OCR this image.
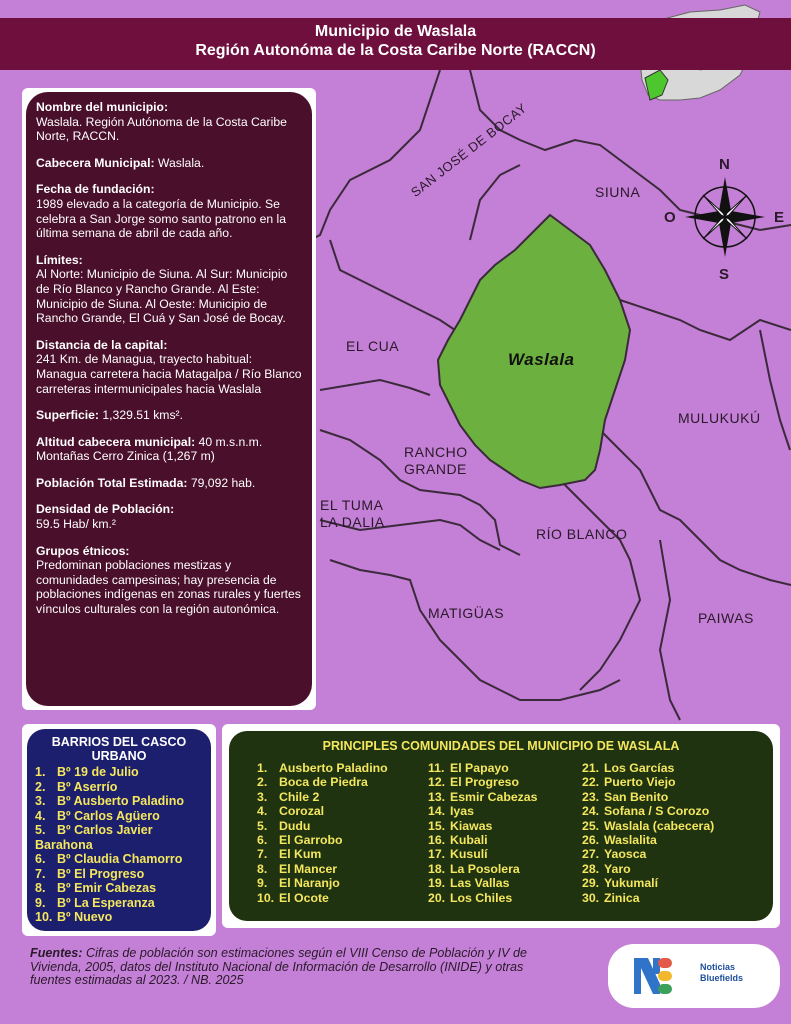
N
S
E
O
SIUNA
SAN JOSÉ DE BOCAY
EL CUA
Waslala
RANCHO
GRANDE
MULUKUKÚ
EL TUMA
LA DALIA
RÍO BLANCO
MATIGÜAS	PAIWAS
Municipio de Waslala
Región Autonóma de la Costa Caribe Norte (RACCN)
Nombre del municipio:
Waslala. Región Autónoma de la Costa Caribe Norte, RACCN.
Cabecera Municipal: Waslala.
Fecha de fundación:
1989 elevado a la categoría de Municipio. Se celebra a San Jorge somo santo patrono en la última semana de abril de cada año.
Límites:
Al Norte: Municipio de Siuna. Al Sur: Municipio de Río Blanco y Rancho Grande. Al Este: Municipio de Siuna. Al Oeste: Municipio de Rancho Grande, El Cuá y San José de Bocay.
Distancia de la capital:
241 Km. de Managua, trayecto habitual: Managua carretera hacia Matagalpa / Río Blanco carreteras intermunicipales hacia Waslala
Superficie: 1,329.51 kms².
Altitud cabecera municipal: 40 m.s.n.m. Montañas Cerro Zinica (1,267 m)
Población Total Estimada: 79,092 hab.
Densidad de Población:
59.5 Hab/ km.²
Grupos étnicos:
Predominan poblaciones mestizas y comunidades campesinas; hay presencia de poblaciones indígenas en zonas rurales y fuertes vínculos culturales con la región autonómica.
BARRIOS DEL CASCO URBANO
1. Bº 19 de Julio
2. Bº Aserrío
3. Bº Ausberto Paladino
4. Bº Carlos Agüero
5. Bº Carlos Javier Barahona
6. Bº Claudia Chamorro
7. Bº El Progreso
8. Bº Emir Cabezas
9. Bº La Esperanza
10. Bº Nuevo
PRINCIPLES COMUNIDADES DEL MUNICIPIO DE WASLALA
1. Ausberto Paladino
2. Boca de Piedra
3. Chile 2
4. Corozal
5. Dudu
6. El Garrobo
7. El Kum
8. El Mancer
9. El Naranjo
10. El Ocote
11. El Papayo
12. El Progreso
13. Esmir Cabezas
14. Iyas
15. Kiawas
16. Kubali
17. Kusulí
18. La Posolera
19. Las Vallas
20. Los Chiles
21. Los Garcías
22. Puerto Viejo
23. San Benito
24. Sofana / S Corozo
25. Waslala (cabecera)
26. Waslalita
27. Yaosca
28. Yaro
29. Yukumalí
30. Zinica
Fuentes: Cifras de población son estimaciones según el VIII Censo de Población y IV de Vivienda, 2005, datos del Instituto Nacional de Información de Desarrollo (INIDE) y otras fuentes estimadas al 2023. / NB. 2025
Noticias
Bluefields
